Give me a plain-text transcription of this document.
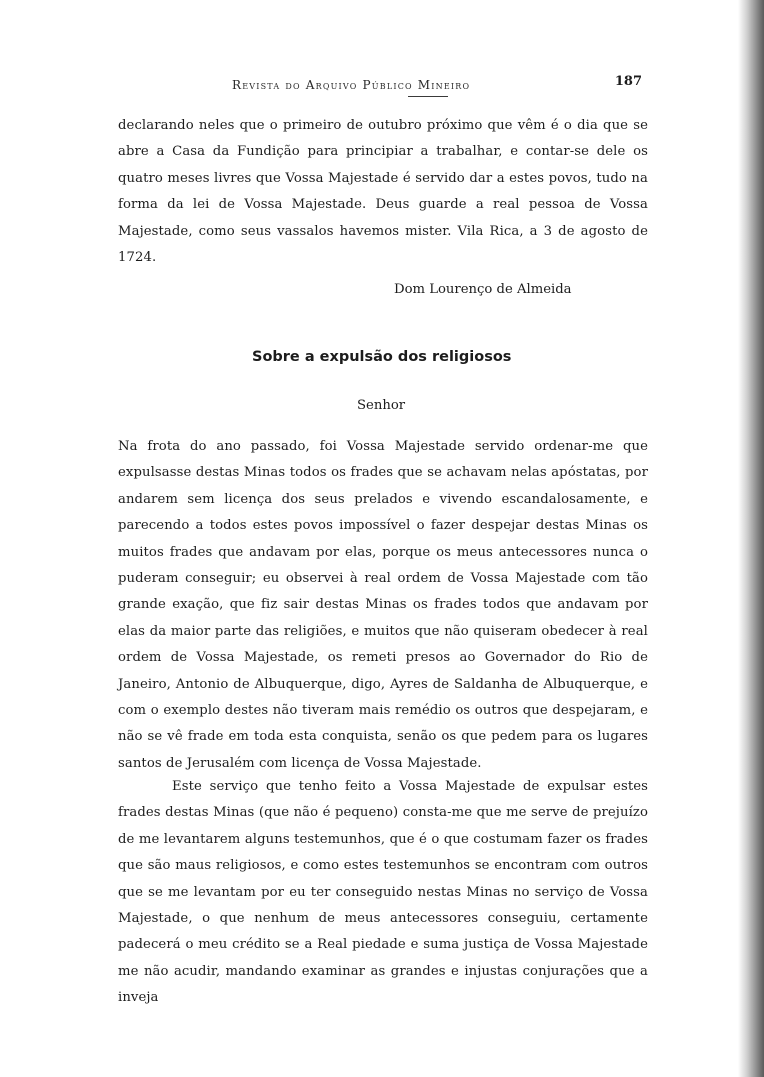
Revista do Arquivo Público Mineiro	187

declarando neles que o primeiro de outubro próximo que vêm é o dia que se abre a Casa da Fundição para principiar a trabalhar, e contar-se dele os quatro meses livres que Vossa Majestade é servido dar a estes povos, tudo na forma da lei de Vossa Majestade. Deus guarde a real pessoa de Vossa Majestade, como seus vassalos havemos mister. Vila Rica, a 3 de agosto de 1724.

Dom Lourenço de Almeida
Sobre a expulsão dos religiosos
Senhor

Na frota do ano passado, foi Vossa Majestade servido ordenar-me que expulsasse destas Minas todos os frades que se achavam nelas apóstatas, por andarem sem licença dos seus prelados e vivendo escandalosamente, e parecendo a todos estes povos impossível o fazer despejar destas Minas os muitos frades que andavam por elas, porque os meus antecessores nunca o puderam conseguir; eu observei à real ordem de Vossa Majestade com tão grande exação, que fiz sair destas Minas os frades todos que andavam por elas da maior parte das religiões, e muitos que não quiseram obedecer à real ordem de Vossa Majestade, os remeti presos ao Governador do Rio de Janeiro, Antonio de Albuquerque, digo, Ayres de Saldanha de Albuquerque, e com o exemplo destes não tiveram mais remédio os outros que despejaram, e não se vê frade em toda esta conquista, senão os que pedem para os lugares santos de Jerusalém com licença de Vossa Majestade.

Este serviço que tenho feito a Vossa Majestade de expulsar estes frades destas Minas (que não é pequeno) consta-me que me serve de prejuízo de me levantarem alguns testemunhos, que é o que costumam fazer os frades que são maus religiosos, e como estes testemunhos se encontram com outros que se me levantam por eu ter conseguido nestas Minas no serviço de Vossa Majestade, o que nenhum de meus antecessores conseguiu, certamente padecerá o meu crédito se a Real piedade e suma justiça de Vossa Majestade me não acudir, mandando examinar as grandes e injustas conjurações que a inveja
